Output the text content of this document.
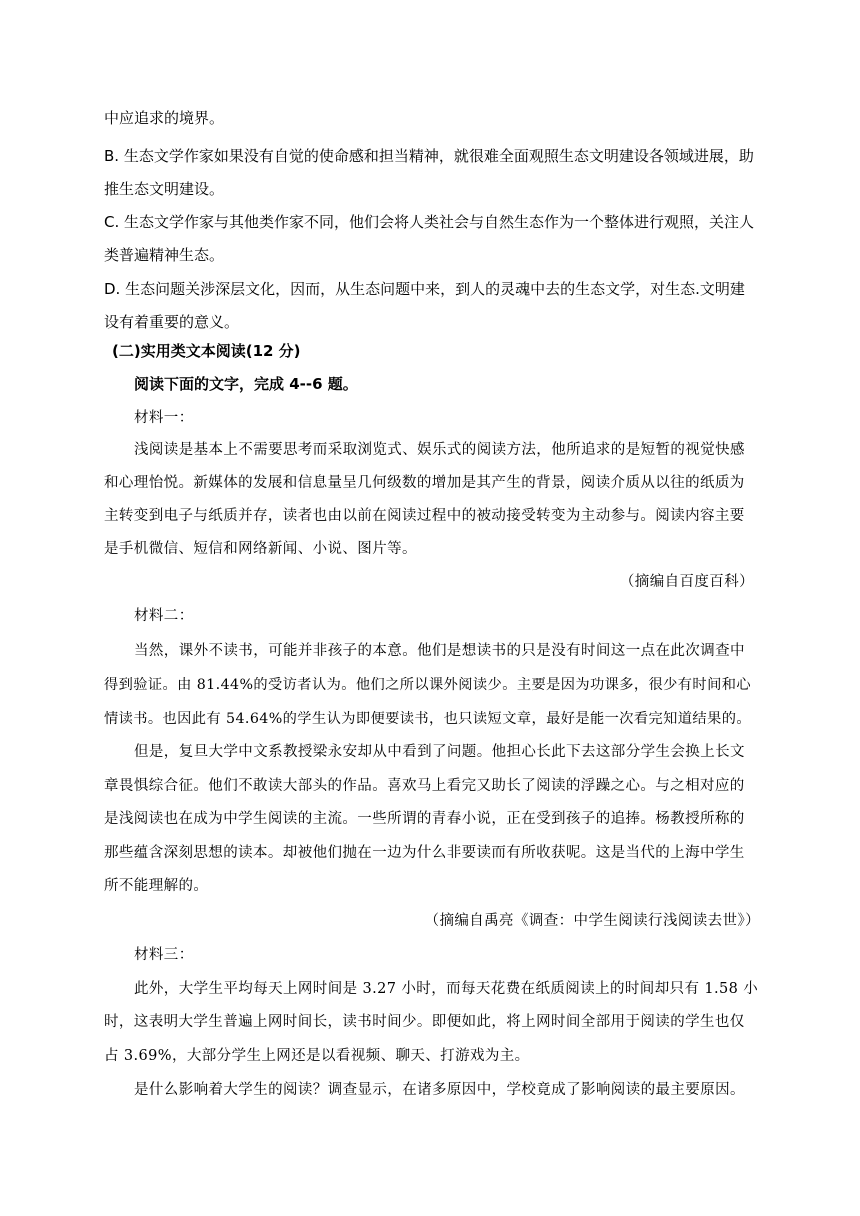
中应追求的境界。
B. 生态文学作家如果没有自觉的使命感和担当精神，就很难全面观照生态文明建设各领域进展，助
推生态文明建设。
C. 生态文学作家与其他类作家不同，他们会将人类社会与自然生态作为一个整体进行观照，关注人
类普遍精神生态。
D. 生态问题关涉深层文化，因而，从生态问题中来，到人的灵魂中去的生态文学，对生态.文明建
设有着重要的意义。
(二)实用类文本阅读(12 分)
阅读下面的文字，完成 4--6 题。
材料一：
浅阅读是基本上不需要思考而采取浏览式、娱乐式的阅读方法，他所追求的是短暂的视觉快感
和心理怡悦。新媒体的发展和信息量呈几何级数的增加是其产生的背景，阅读介质从以往的纸质为
主转变到电子与纸质并存，读者也由以前在阅读过程中的被动接受转变为主动参与。阅读内容主要
是手机微信、短信和网络新闻、小说、图片等。
（摘编自百度百科）
材料二：
当然，课外不读书，可能并非孩子的本意。他们是想读书的只是没有时间这一点在此次调查中
得到验证。由 81.44%的受访者认为。他们之所以课外阅读少。主要是因为功课多，很少有时间和心
情读书。也因此有 54.64%的学生认为即便要读书，也只读短文章，最好是能一次看完知道结果的。
但是，复旦大学中文系教授梁永安却从中看到了问题。他担心长此下去这部分学生会换上长文
章畏惧综合征。他们不敢读大部头的作品。喜欢马上看完又助长了阅读的浮躁之心。与之相对应的
是浅阅读也在成为中学生阅读的主流。一些所谓的青春小说，正在受到孩子的追捧。杨教授所称的
那些蕴含深刻思想的读本。却被他们抛在一边为什么非要读而有所收获呢。这是当代的上海中学生
所不能理解的。
（摘编自禹亮《调查：中学生阅读行浅阅读去世》）
材料三：
此外，大学生平均每天上网时间是 3.27 小时，而每天花费在纸质阅读上的时间却只有 1.58 小
时，这表明大学生普遍上网时间长，读书时间少。即便如此，将上网时间全部用于阅读的学生也仅
占 3.69%，大部分学生上网还是以看视频、聊天、打游戏为主。
是什么影响着大学生的阅读？调查显示，在诸多原因中，学校竟成了影响阅读的最主要原因。
